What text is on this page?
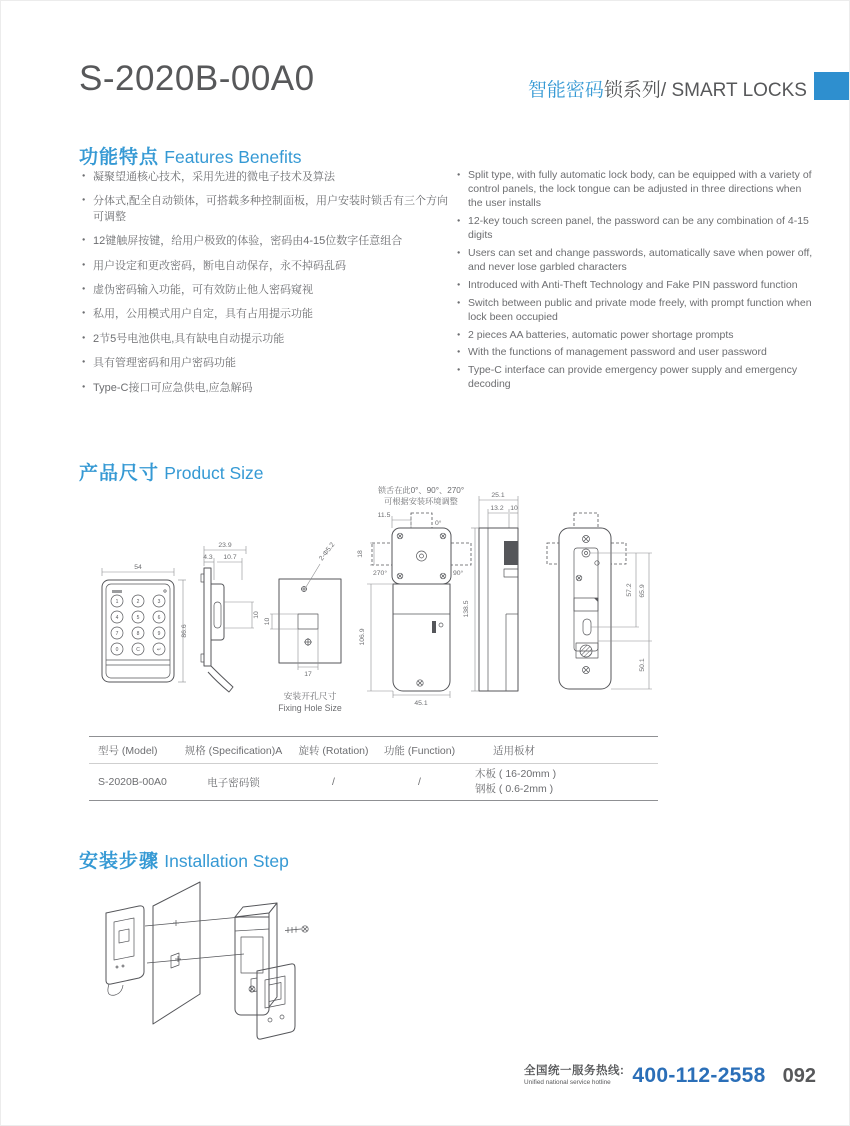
S-2020B-00A0	智能密码锁系列/ SMART LOCKS
功能特点 Features Benefits
● 凝聚望通核心技术，采用先进的微电子技术及算法
● 分体式,配全自动锁体，可搭载多种控制面板，用户安装时锁舌有三个方向可调整
● 12键触屏按键，给用户极致的体验，密码由4-15位数字任意组合
● 用户设定和更改密码，断电自动保存，永不掉码乱码
● 虚伪密码输入功能，可有效防止他人密码窥视
● 私用，公用模式用户自定，具有占用提示功能
● 2节5号电池供电,具有缺电自动提示功能
● 具有管理密码和用户密码功能
● Type-C接口可应急供电,应急解码
● Split type, with fully automatic lock body, can be equipped with a variety of control panels, the lock tongue can be adjusted in three directions when the user installs
● 12-key touch screen panel, the password can be any combination of 4-15 digits
● Users can set and change passwords, automatically save when power off, and never lose garbled characters
● Introduced with Anti-Theft Technology and Fake PIN password function
● Switch between public and private mode freely, with prompt function when lock been occupied
● 2 pieces AA batteries, automatic power shortage prompts
● With the functions of management password and user password
● Type-C interface can provide emergency power supply and emergency decoding
产品尺寸 Product Size
54
1	2	3
4	5	6
7	8	9
0	C	↵
86.6
23.9
4.3 10.7
10
2-Φ5.2
10
17
安装开孔尺寸
Fixing Hole Size
锁舌在此0°、90°、270°
可根据安装环境调整
11.5
0°
270°	90°
18
106.9
45.1
25.1
13.2 10
138.5
57.2 65.9
50.1
型号 (Model)	规格 (Specification)A	旋转 (Rotation)	功能 (Function)	适用板材
S-2020B-00A0	电子密码锁	/	/	木板 ( 16-20mm )
钢板 ( 0.6-2mm )
安装步骤 Installation Step
全国统一服务热线:
Unified national service hotline	400-112-2558 092
